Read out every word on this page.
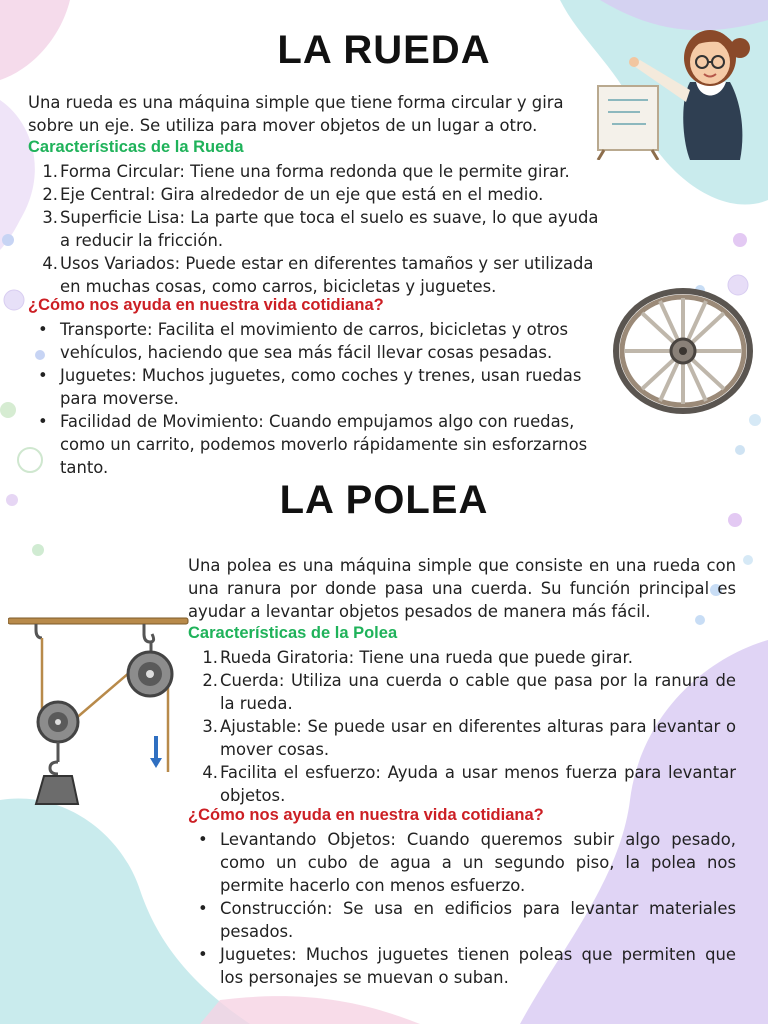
LA RUEDA

Una rueda es una máquina simple que tiene forma circular y gira sobre un eje. Se utiliza para mover objetos de un lugar a otro.

Características de la Rueda

1. Forma Circular: Tiene una forma redonda que le permite girar.
2. Eje Central: Gira alrededor de un eje que está en el medio.
3. Superficie Lisa: La parte que toca el suelo es suave, lo que ayuda a reducir la fricción.
4. Usos Variados: Puede estar en diferentes tamaños y ser utilizada en muchas cosas, como carros, bicicletas y juguetes.

¿Cómo nos ayuda en nuestra vida cotidiana?

• Transporte: Facilita el movimiento de carros, bicicletas y otros vehículos, haciendo que sea más fácil llevar cosas pesadas.
• Juguetes: Muchos juguetes, como coches y trenes, usan ruedas para moverse.
• Facilidad de Movimiento: Cuando empujamos algo con ruedas, como un carrito, podemos moverlo rápidamente sin esforzarnos tanto.
LA POLEA

Una polea es una máquina simple que consiste en una rueda con una ranura por donde pasa una cuerda. Su función principal es ayudar a levantar objetos pesados de manera más fácil.

Características de la Polea

1. Rueda Giratoria: Tiene una rueda que puede girar.
2. Cuerda: Utiliza una cuerda o cable que pasa por la ranura de la rueda.
3. Ajustable: Se puede usar en diferentes alturas para levantar o mover cosas.
4. Facilita el esfuerzo: Ayuda a usar menos fuerza para levantar objetos.

¿Cómo nos ayuda en nuestra vida cotidiana?

• Levantando Objetos: Cuando queremos subir algo pesado, como un cubo de agua a un segundo piso, la polea nos permite hacerlo con menos esfuerzo.
• Construcción: Se usa en edificios para levantar materiales pesados.
• Juguetes: Muchos juguetes tienen poleas que permiten que los personajes se muevan o suban.
